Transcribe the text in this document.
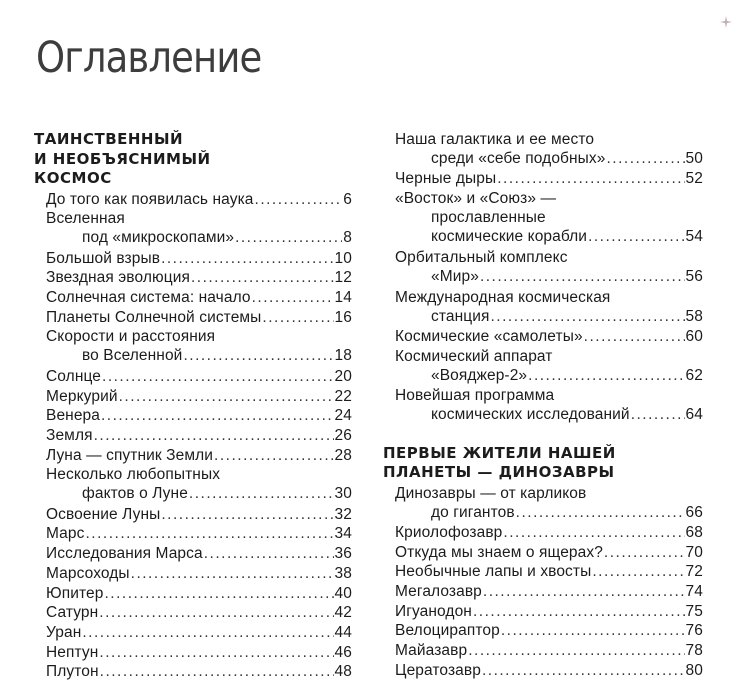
Оглавление
ТАИНСТВЕННЫЙ
И НЕОБЪЯСНИМЫЙ
КОСМОС
До того как появилась наука .....	6
Вселенная
под «микроскопами» .....	8
Большой взрыв .....	10
Звездная эволюция .....	12
Солнечная система: начало .....	14
Планеты Солнечной системы .....	16
Скорости и расстояния
во Вселенной .....	18
Солнце .....	20
Меркурий .....	22
Венера .....	24
Земля .....	26
Луна — спутник Земли .....	28
Несколько любопытных
фактов о Луне .....	30
Освоение Луны .....	32
Марс .....	34
Исследования Марса .....	36
Марсоходы .....	38
Юпитер .....	40
Сатурн .....	42
Уран .....	44
Нептун .....	46
Плутон .....	48
Наша галактика и ее место
среди «себе подобных» .....	50
Черные дыры .....	52
«Восток» и «Союз» —
прославленные
космические корабли .....	54
Орбитальный комплекс
«Мир» .....	56
Международная космическая
станция .....	58
Космические «самолеты» .....	60
Космический аппарат
«Вояджер-2» .....	62
Новейшая программа
космических исследований .....	64
ПЕРВЫЕ ЖИТЕЛИ НАШЕЙ
ПЛАНЕТЫ — ДИНОЗАВРЫ
Динозавры — от карликов
до гигантов .....	66
Криолофозавр .....	68
Откуда мы знаем о ящерах? .....	70
Необычные лапы и хвосты .....	72
Мегалозавр .....	74
Игуанодон .....	75
Велоцираптор .....	76
Майазавр .....	78
Цератозавр .....	80
